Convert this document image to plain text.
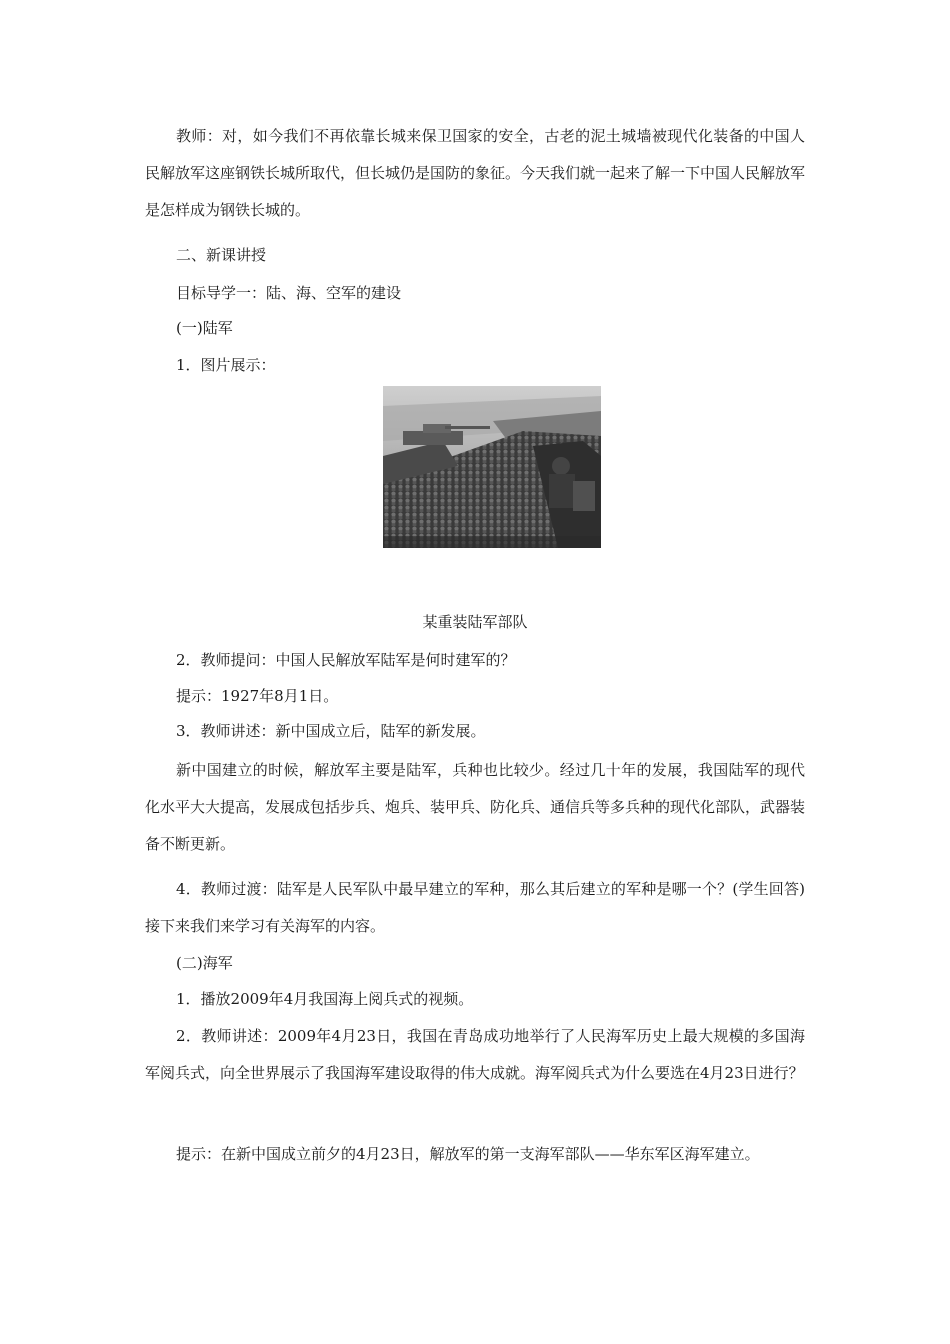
教师：对，如今我们不再依靠长城来保卫国家的安全，古老的泥土城墙被现代化装备的中国人民解放军这座钢铁长城所取代，但长城仍是国防的象征。今天我们就一起来了解一下中国人民解放军是怎样成为钢铁长城的。

二、新课讲授

目标导学一：陆、海、空军的建设

(一)陆军

1．图片展示：

某重装陆军部队

2．教师提问：中国人民解放军陆军是何时建军的？

提示：1927年8月1日。

3．教师讲述：新中国成立后，陆军的新发展。

新中国建立的时候，解放军主要是陆军，兵种也比较少。经过几十年的发展，我国陆军的现代化水平大大提高，发展成包括步兵、炮兵、装甲兵、防化兵、通信兵等多兵种的现代化部队，武器装备不断更新。

4．教师过渡：陆军是人民军队中最早建立的军种，那么其后建立的军种是哪一个？(学生回答)接下来我们来学习有关海军的内容。

(二)海军

1．播放2009年4月我国海上阅兵式的视频。

2．教师讲述：2009年4月23日，我国在青岛成功地举行了人民海军历史上最大规模的多国海军阅兵式，向全世界展示了我国海军建设取得的伟大成就。海军阅兵式为什么要选在4月23日进行？

提示：在新中国成立前夕的4月23日，解放军的第一支海军部队——华东军区海军建立。
